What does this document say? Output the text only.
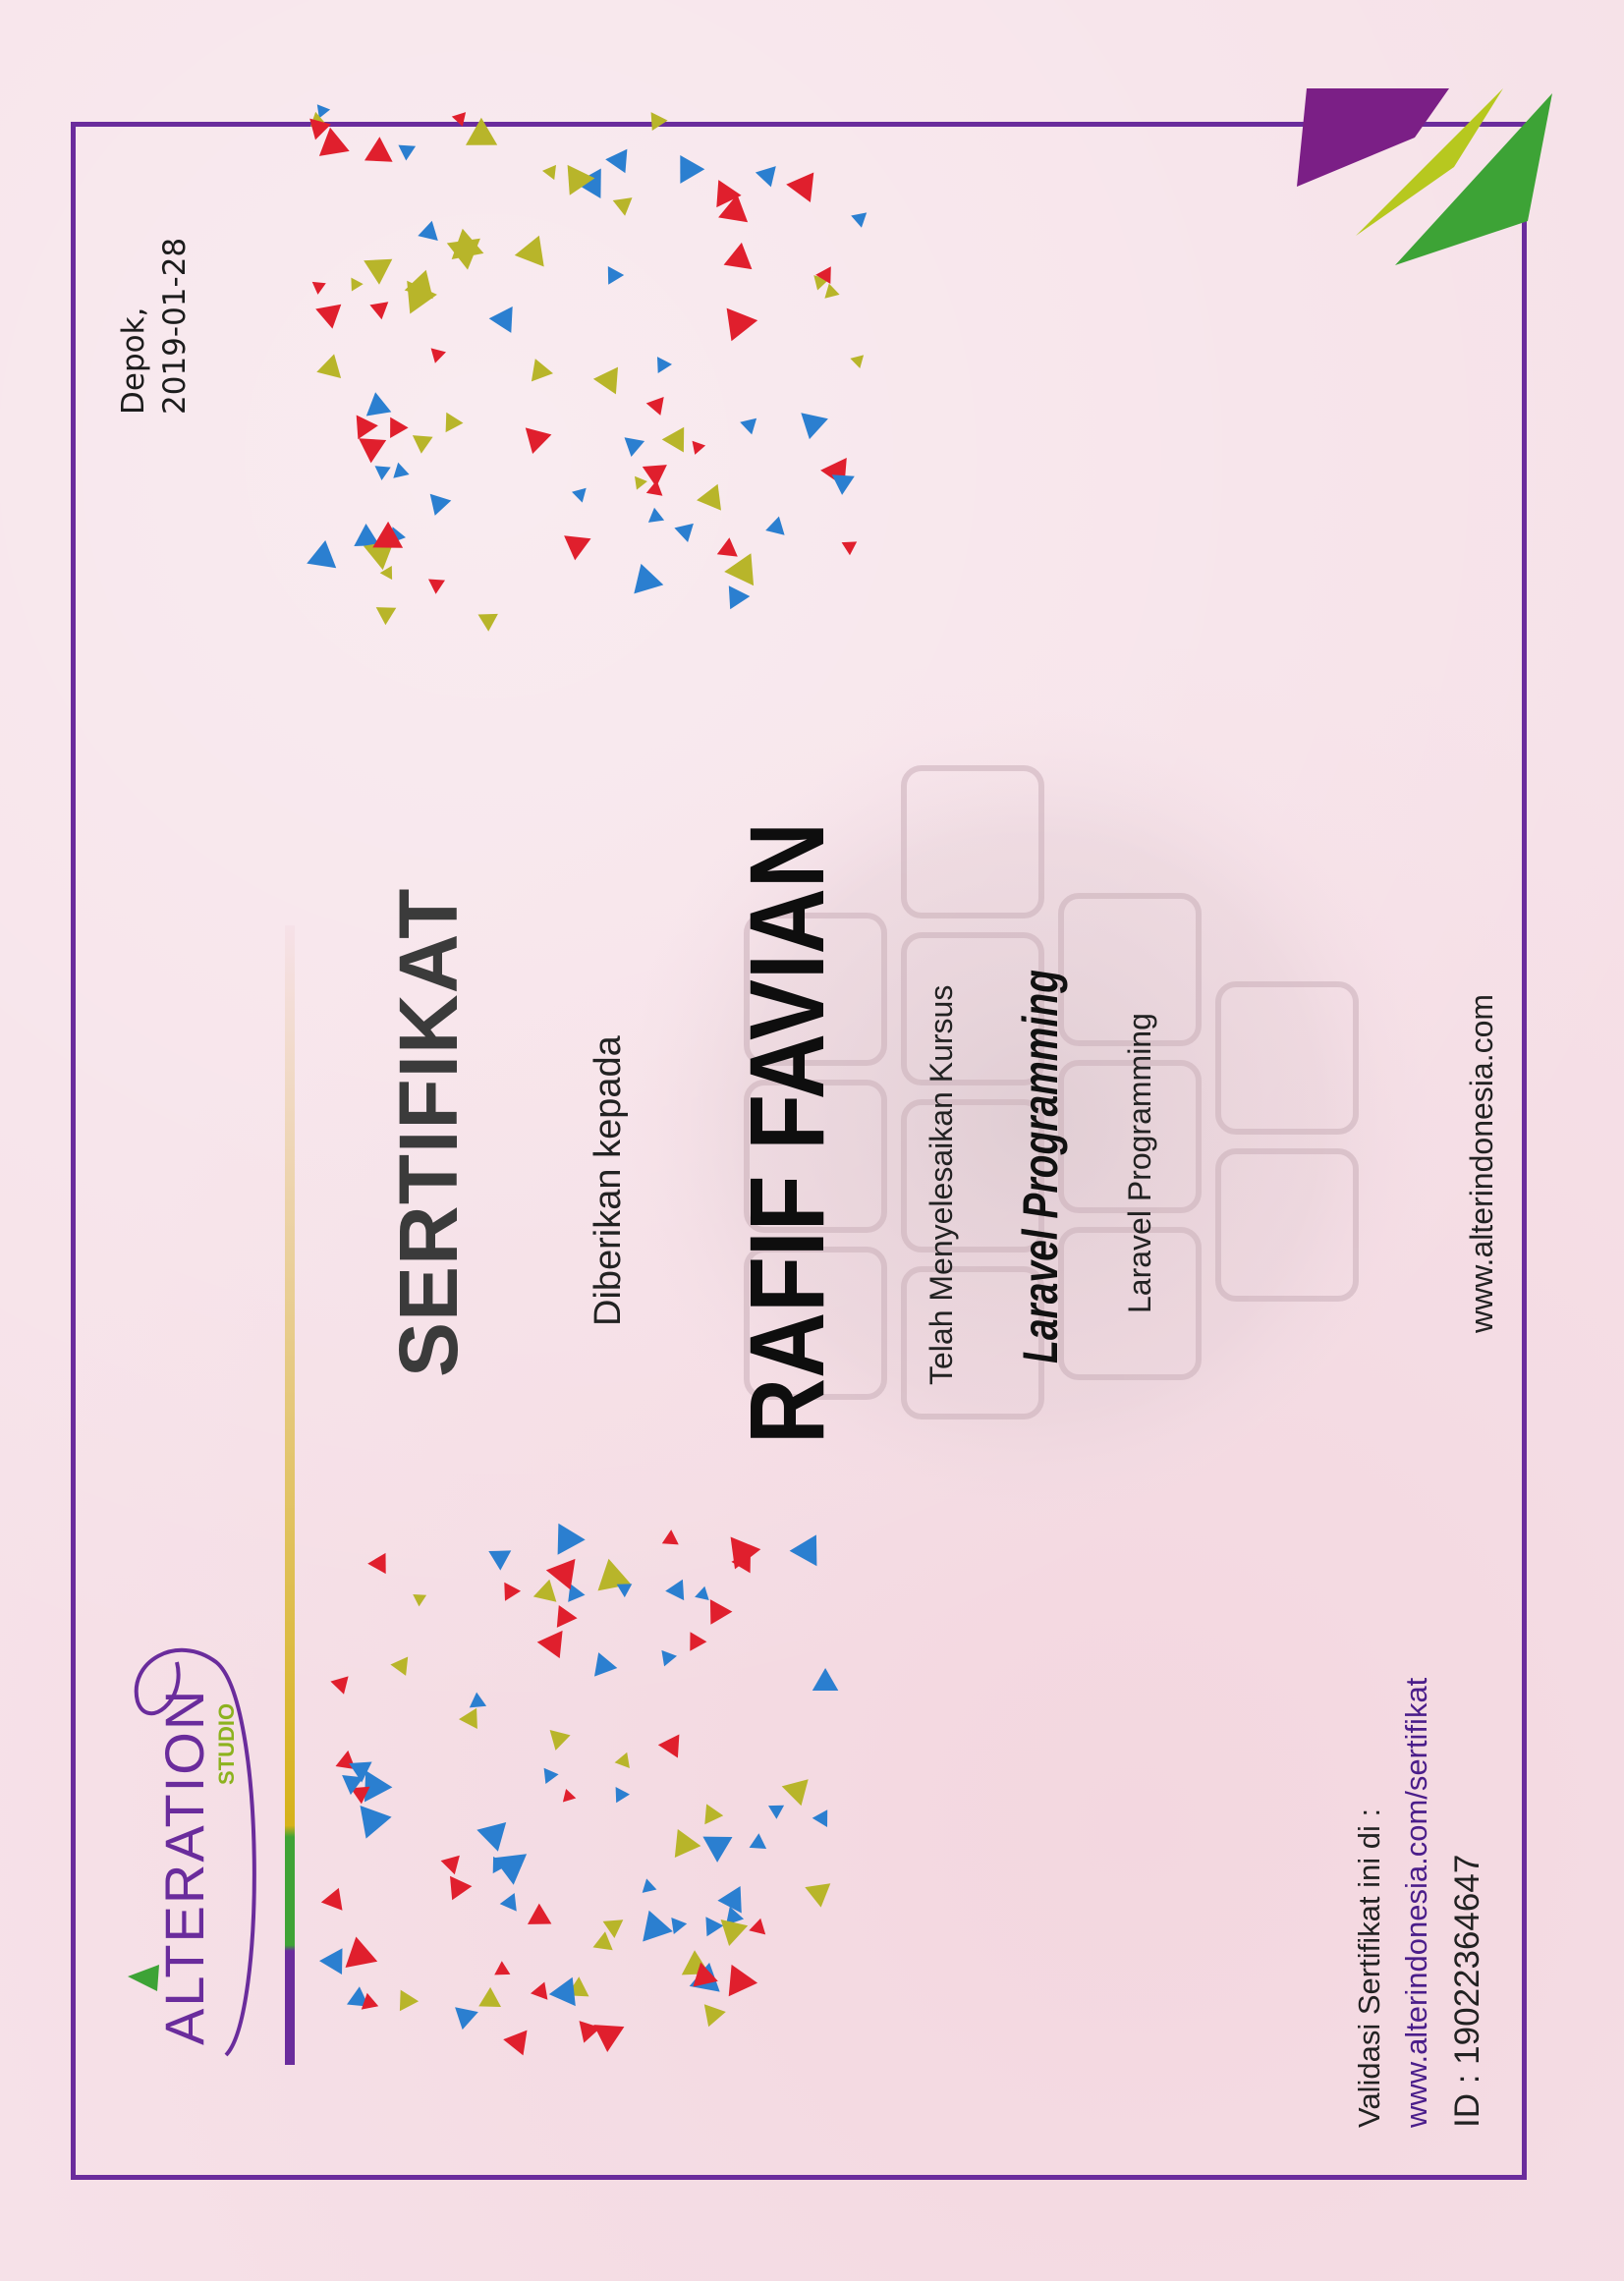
ALTERATION STUDIO
Depok, 2019-01-28
SERTIFIKAT	Diberikan kepada RAFIF FAVIAN Telah Menyelesaikan Kursus Laravel Programming Laravel Programming	www.alterindonesia.com
Validasi Sertifikat ini di : www.alterindonesia.com/sertifikat ID : 19022364647
